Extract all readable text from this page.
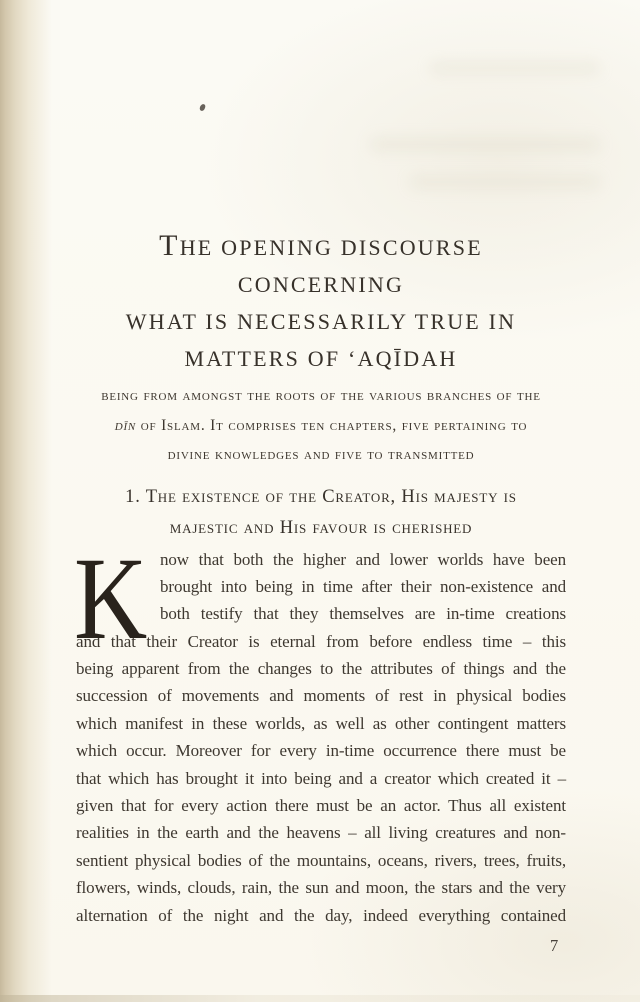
THE OPENING DISCOURSE CONCERNING
WHAT IS NECESSARILY TRUE IN
MATTERS OF ‘AQĪDAH
being from amongst the roots of the various branches of the
dīn of Islam. It comprises ten chapters, five pertaining to
divine knowledges and five to transmitted
1. The existence of the Creator, His majesty is
majestic and His favour is cherished
K now that both the higher and lower worlds have been
brought into being in time after their non-existence and
both testify that they themselves are in-time creations
and that their Creator is eternal from before endless time – this
being apparent from the changes to the attributes of things and the
succession of movements and moments of rest in physical bodies
which manifest in these worlds, as well as other contingent matters
which occur. Moreover for every in-time occurrence there must be
that which has brought it into being and a creator which created it –
given that for every action there must be an actor. Thus all existent
realities in the earth and the heavens – all living creatures and non-
sentient physical bodies of the mountains, oceans, rivers, trees, fruits,
flowers, winds, clouds, rain, the sun and moon, the stars and the very
alternation of the night and the day, indeed everything contained
7
